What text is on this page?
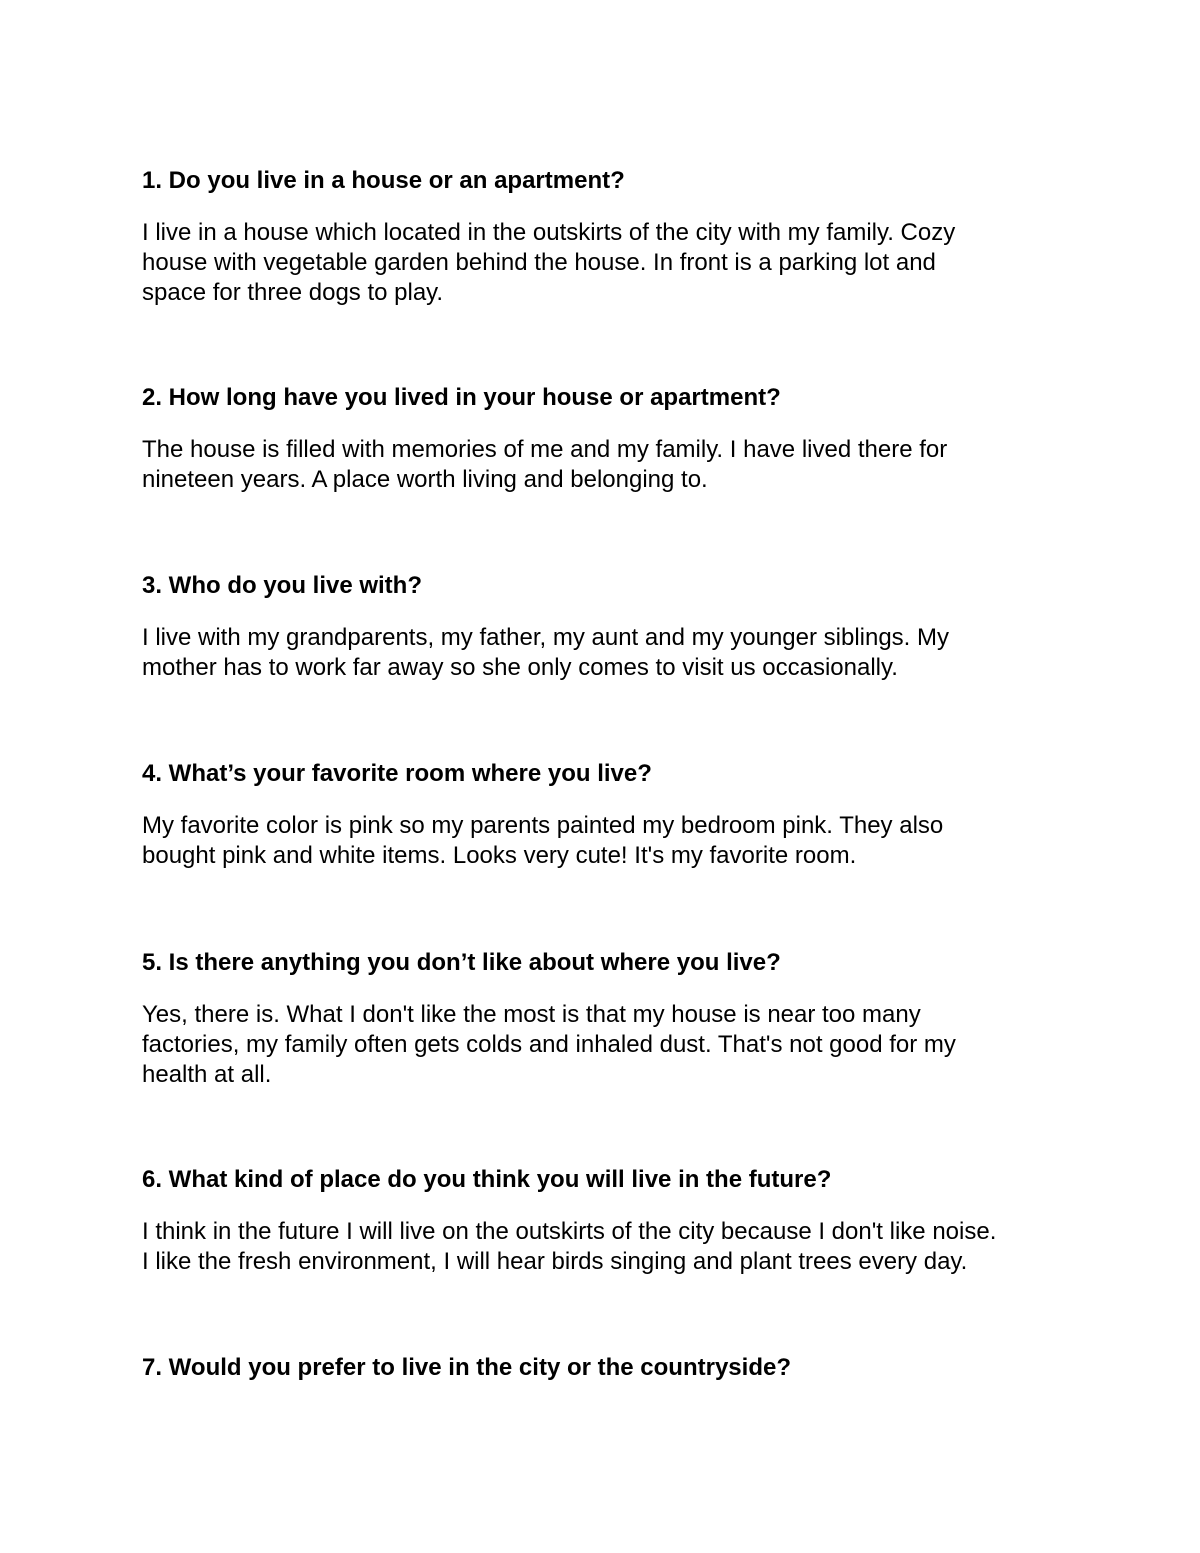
1. Do you live in a house or an apartment?

I live in a house which located in the outskirts of the city with my family. Cozy
house with vegetable garden behind the house. In front is a parking lot and
space for three dogs to play.

2. How long have you lived in your house or apartment?

The house is filled with memories of me and my family. I have lived there for
nineteen years. A place worth living and belonging to.

3. Who do you live with?

I live with my grandparents, my father, my aunt and my younger siblings. My
mother has to work far away so she only comes to visit us occasionally.

4. What’s your favorite room where you live?

My favorite color is pink so my parents painted my bedroom pink. They also
bought pink and white items. Looks very cute! It's my favorite room.

5. Is there anything you don’t like about where you live?

Yes, there is. What I don't like the most is that my house is near too many
factories, my family often gets colds and inhaled dust. That's not good for my
health at all.

6. What kind of place do you think you will live in the future?

I think in the future I will live on the outskirts of the city because I don't like noise.
I like the fresh environment, I will hear birds singing and plant trees every day.

7. Would you prefer to live in the city or the countryside?
